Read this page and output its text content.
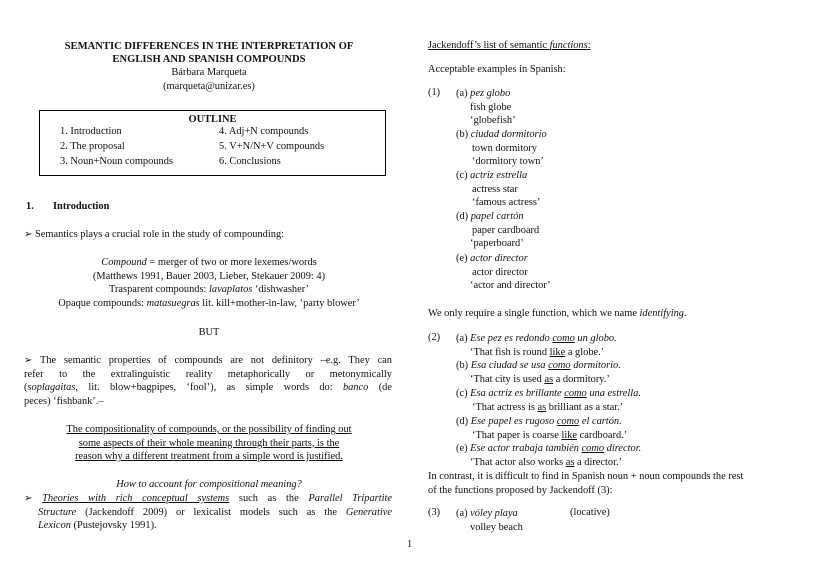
SEMANTIC DIFFERENCES IN THE INTERPRETATION OF
ENGLISH AND SPANISH COMPOUNDS
Bárbara Marqueta
(marqueta@unizar.es)
OUTLINE
1. Introduction
2. The proposal
3. Noun+Noun compounds
4. Adj+N compounds
5. V+N/N+V compounds
6. Conclusions
1. Introduction
➢ Semantics plays a crucial role in the study of compounding:
Compound = merger of two or more lexemes/words
(Matthews 1991, Bauer 2003, Lieber, Stekauer 2009: 4)
Trasparent compounds: lavaplatos ‘dishwasher’
Opaque compounds: matasuegras lit. kill+mother-in-law, ‘party blower’
BUT
➢ The semantic properties of compounds are not definitory –e.g. They can
refer to the extralinguistic reality metaphorically or metonymically
(soplagaitas, lit. blow+bagpipes, ‘fool’), as simple words do: banco (de
peces) ‘fishbank’.–
The compositionality of compounds, or the possibility of finding out
some aspects of their whole meaning through their parts, is the
reason why a different treatment from a simple word is justified.
How to account for compositional meaning?
➢ Theories with rich conceptual systems such as the Parallel Tripartite
Structure (Jackendoff 2009) or lexicalist models such as the Generative
Lexicon (Pustejovsky 1991).
1
Jackendoff’s list of semantic functions:
Acceptable examples in Spanish:
(1) (a) pez globo
fish globe
‘globefish’
(b) ciudad dormitorio
town dormitory
‘dormitory town’
(c) actriz estrella
actress star
‘famous actress’
(d) papel cartón
paper cardboard
‘paperboard’
(e) actor director
actor director
‘actor and director’
We only require a single function, which we name identifying.
(2) (a) Ese pez es redondo como un globo.
‘That fish is round like a globe.’
(b) Esa ciudad se usa como dormitorio.
‘That city is used as a dormitory.’
(c) Esa actriz es brillante como una estrella.
‘That actress is as brilliant as a star.’
(d) Ese papel es rugoso como el cartón.
‘That paper is coarse like cardboard.’
(e) Ese actor trabaja también como director.
‘That actor also works as a director.’
In contrast, it is difficult to find in Spanish noun + noun compounds the rest
of the functions proposed by Jackendoff (3):
(3) (a) vóley playa
volley beach
(locative)
